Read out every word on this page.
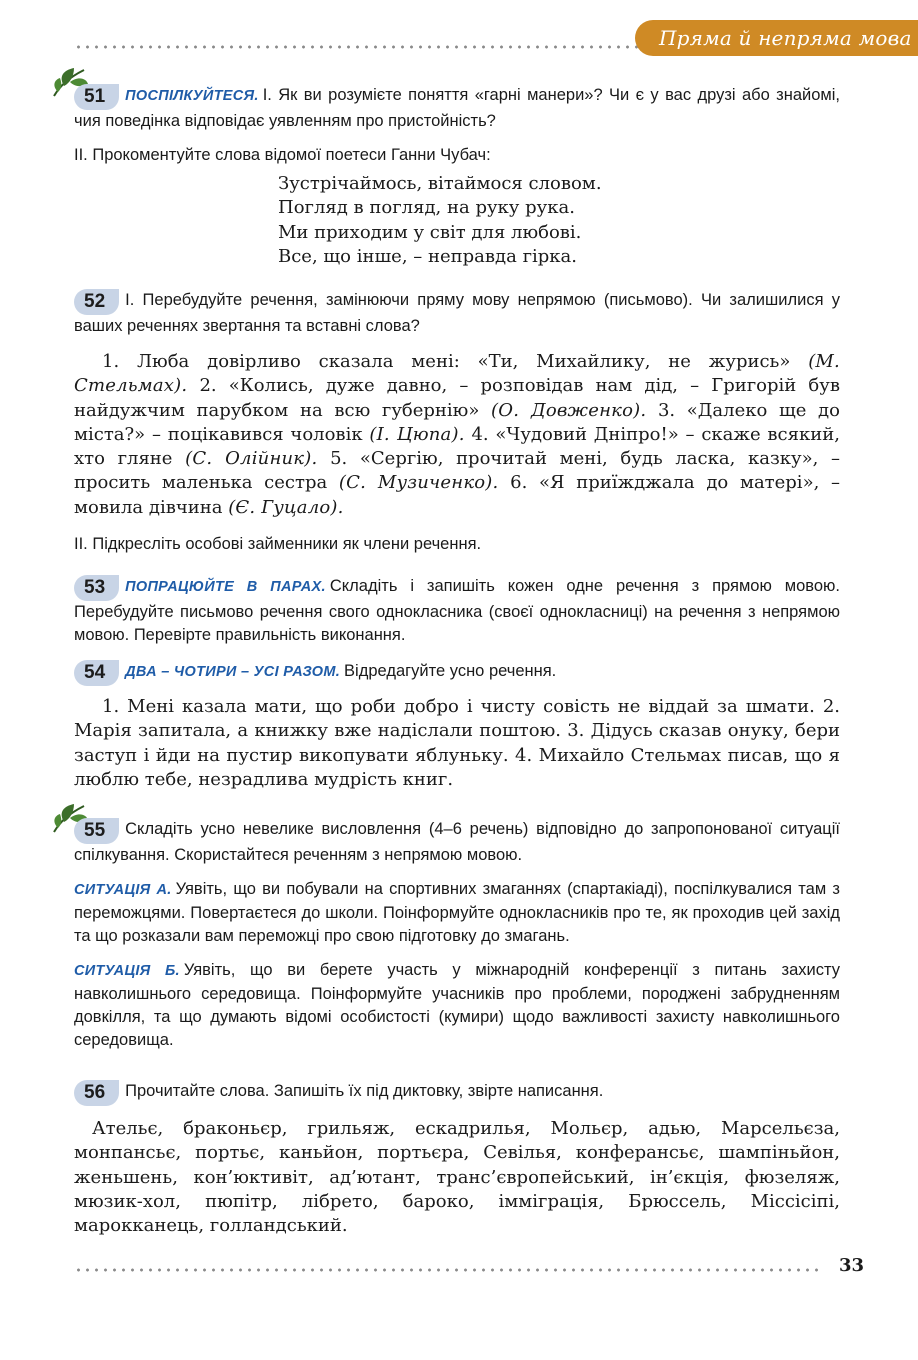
Пряма й непряма мова

51 ПОСПІЛКУЙТЕСЯ. I. Як ви розумієте поняття «гарні манери»? Чи є у вас друзі або знайомі, чия поведінка відповідає уявленням про пристойність?

II. Прокоментуйте слова відомої поетеси Ганни Чубач:

Зустрічаймось, вітаймося словом.
Погляд в погляд, на руку рука.
Ми приходим у світ для любові.
Все, що інше, – неправда гірка.

52 I. Перебудуйте речення, замінюючи пряму мову непрямою (письмово). Чи залишилися у ваших реченнях звертання та вставні слова?

1. Люба довірливо сказала мені: «Ти, Михайлику, не журись» (М. Стельмах). 2. «Колись, дуже давно, – розповідав нам дід, – Григорій був найдужчим парубком на всю губернію» (О. Довженко). 3. «Далеко ще до міста?» – поцікавився чоловік (І. Цюпа). 4. «Чудовий Дніпро!» – скаже всякий, хто гляне (С. Олійник). 5. «Сергію, прочитай мені, будь ласка, казку», – просить маленька сестра (С. Музиченко). 6. «Я приїжджала до матері», – мовила дівчина (Є. Гуцало).

II. Підкресліть особові займенники як члени речення.

53 ПОПРАЦЮЙТЕ В ПАРАХ. Складіть і запишіть кожен одне речення з прямою мовою. Перебудуйте письмово речення свого однокласника (своєї однокласниці) на речення з непрямою мовою. Перевірте правильність виконання.

54 ДВА – ЧОТИРИ – УСІ РАЗОМ. Відредагуйте усно речення.

1. Мені казала мати, що роби добро і чисту совість не віддай за шмати. 2. Марія запитала, а книжку вже надіслали поштою. 3. Дідусь сказав онуку, бери заступ і йди на пустир викопувати яблуньку. 4. Михайло Стельмах писав, що я люблю тебе, незрадлива мудрість книг.

55 Складіть усно невелике висловлення (4–6 речень) відповідно до запропонованої ситуації спілкування. Скористайтеся реченням з непрямою мовою.

СИТУАЦІЯ А. Уявіть, що ви побували на спортивних змаганнях (спартакіаді), поспілкувалися там з переможцями. Повертаєтеся до школи. Поінформуйте однокласників про те, як проходив цей захід та що розказали вам переможці про свою підготовку до змагань.

СИТУАЦІЯ Б. Уявіть, що ви берете участь у міжнародній конференції з питань захисту навколишнього середовища. Поінформуйте учасників про проблеми, породжені забрудненням довкілля, та що думають відомі особистості (кумири) щодо важливості захисту навколишнього середовища.

56 Прочитайте слова. Запишіть їх під диктовку, звірте написання.

Ательє, браконьєр, грильяж, ескадрилья, Мольєр, адью, Марсельєза, монпансьє, портьє, каньйон, портьєра, Севілья, конферансьє, шампіньйон, женьшень, кон’юктивіт, ад’ютант, транс’європейський, ін’єкція, фюзеляж, мюзик-хол, пюпітр, лібрето, бароко, імміграція, Брюссель, Міссісіпі, марокканець, голландський.

33
